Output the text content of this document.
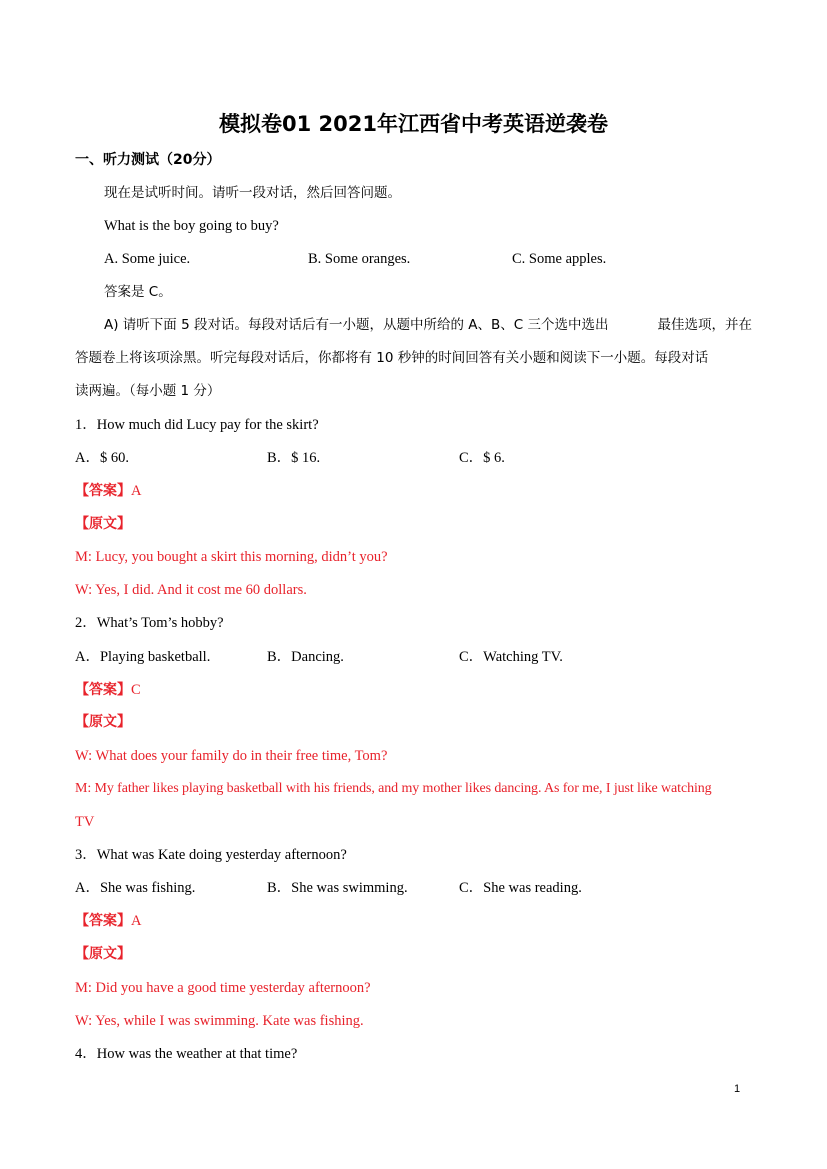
模拟卷01 2021年江西省中考英语逆袭卷
一、听力测试（20分）
现在是试听时间。请听一段对话，然后回答问题。
What is the boy going to buy?
A. Some juice.	B. Some oranges.	C. Some apples.
答案是 C。
A) 请听下面 5 段对话。每段对话后有一小题，从题中所给的 A、B、C 三个选中选出	最佳选项，并在
答题卷上将该项涂黑。听完每段对话后，你都将有 10 秒钟的时间回答有关小题和阅读下一小题。每段对话
读两遍。（每小题 1 分）
1．How much did Lucy pay for the skirt?
A．$ 60.	B．$ 16.	C．$ 6.
【答案】A
【原文】
M: Lucy, you bought a skirt this morning, didn’t you?
W: Yes, I did. And it cost me 60 dollars.
2．What’s Tom’s hobby?
A．Playing basketball.	B．Dancing.	C．Watching TV.
【答案】C
【原文】
W: What does your family do in their free time, Tom?
M: My father likes playing basketball with his friends, and my mother likes dancing. As for me, I just like watching
TV
3．What was Kate doing yesterday afternoon?
A．She was fishing.	B．She was swimming.	C．She was reading.
【答案】A
【原文】
M: Did you have a good time yesterday afternoon?
W: Yes, while I was swimming. Kate was fishing.
4．How was the weather at that time?
1
